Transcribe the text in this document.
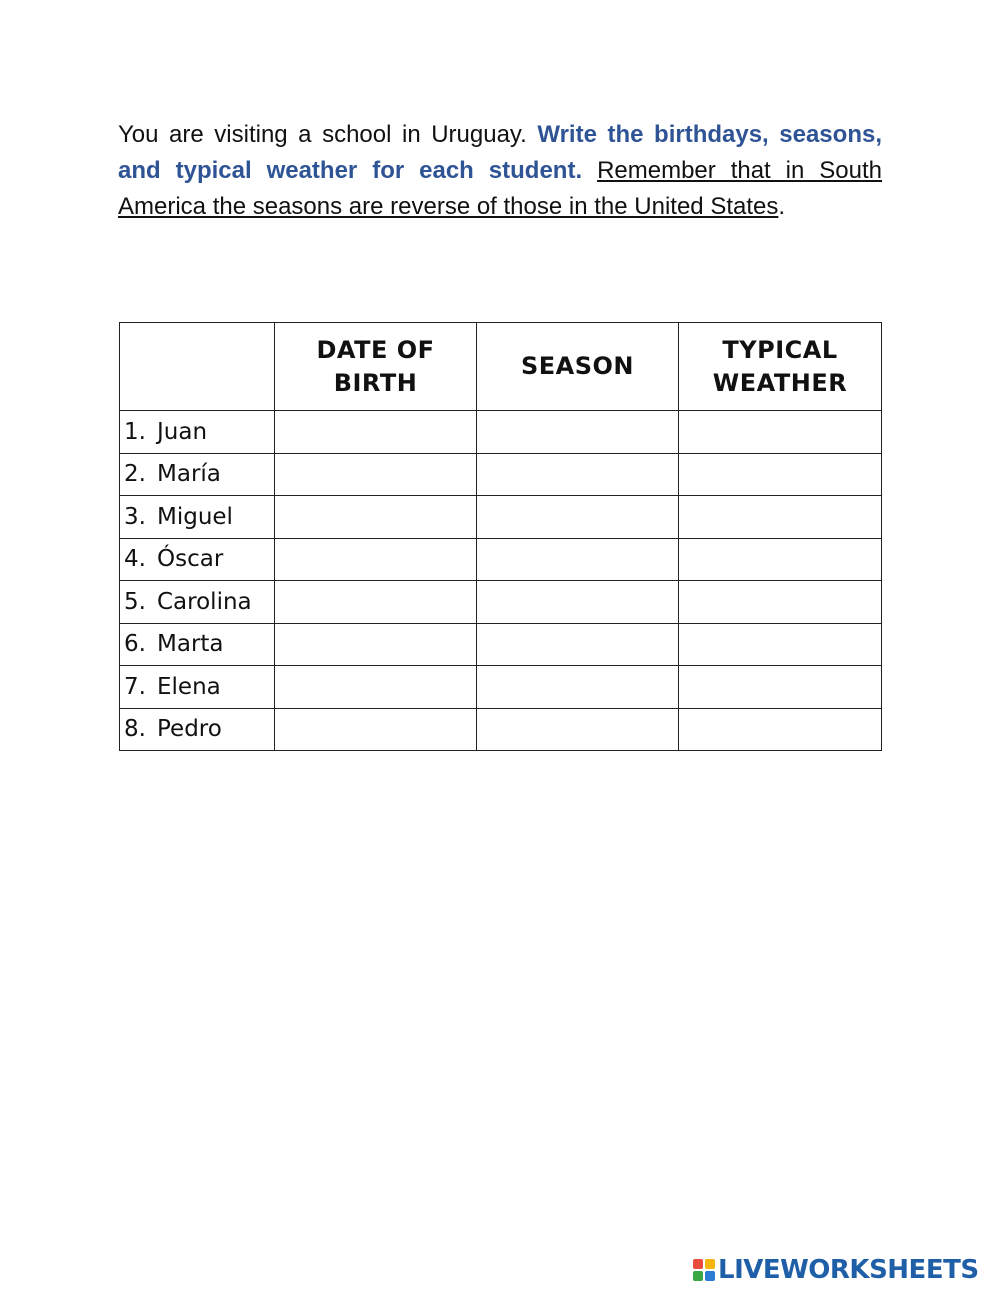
You are visiting a school in Uruguay. Write the birthdays, seasons, and typical weather for each student. Remember that in South America the seasons are reverse of those in the United States.

	DATE OF BIRTH	SEASON	TYPICAL WEATHER
1. Juan			
2. María			
3. Miguel			
4. Óscar			
5. Carolina			
6. Marta			
7. Elena			
8. Pedro			
LIVEWORKSHEETS
